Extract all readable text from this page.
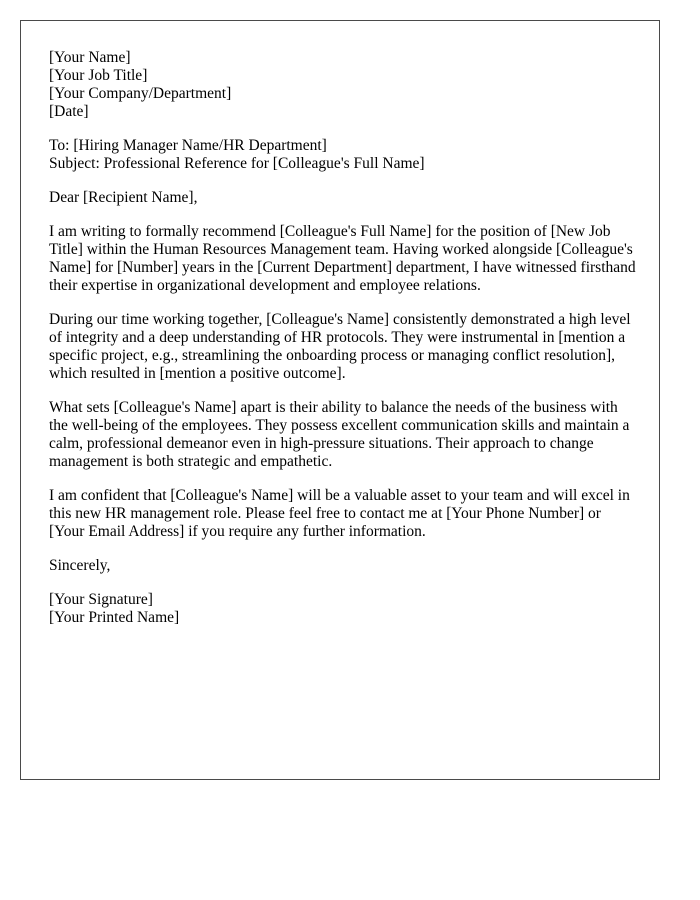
[Your Name]
[Your Job Title]
[Your Company/Department]
[Date]
To: [Hiring Manager Name/HR Department]
Subject: Professional Reference for [Colleague's Full Name]

Dear [Recipient Name],

I am writing to formally recommend [Colleague's Full Name] for the position of [New Job Title] within the Human Resources Management team. Having worked alongside [Colleague's Name] for [Number] years in the [Current Department] department, I have witnessed firsthand their expertise in organizational development and employee relations.

During our time working together, [Colleague's Name] consistently demonstrated a high level of integrity and a deep understanding of HR protocols. They were instrumental in [mention a specific project, e.g., streamlining the onboarding process or managing conflict resolution], which resulted in [mention a positive outcome].

What sets [Colleague's Name] apart is their ability to balance the needs of the business with the well-being of the employees. They possess excellent communication skills and maintain a calm, professional demeanor even in high-pressure situations. Their approach to change management is both strategic and empathetic.

I am confident that [Colleague's Name] will be a valuable asset to your team and will excel in this new HR management role. Please feel free to contact me at [Your Phone Number] or [Your Email Address] if you require any further information.

Sincerely,

[Your Signature]
[Your Printed Name]
